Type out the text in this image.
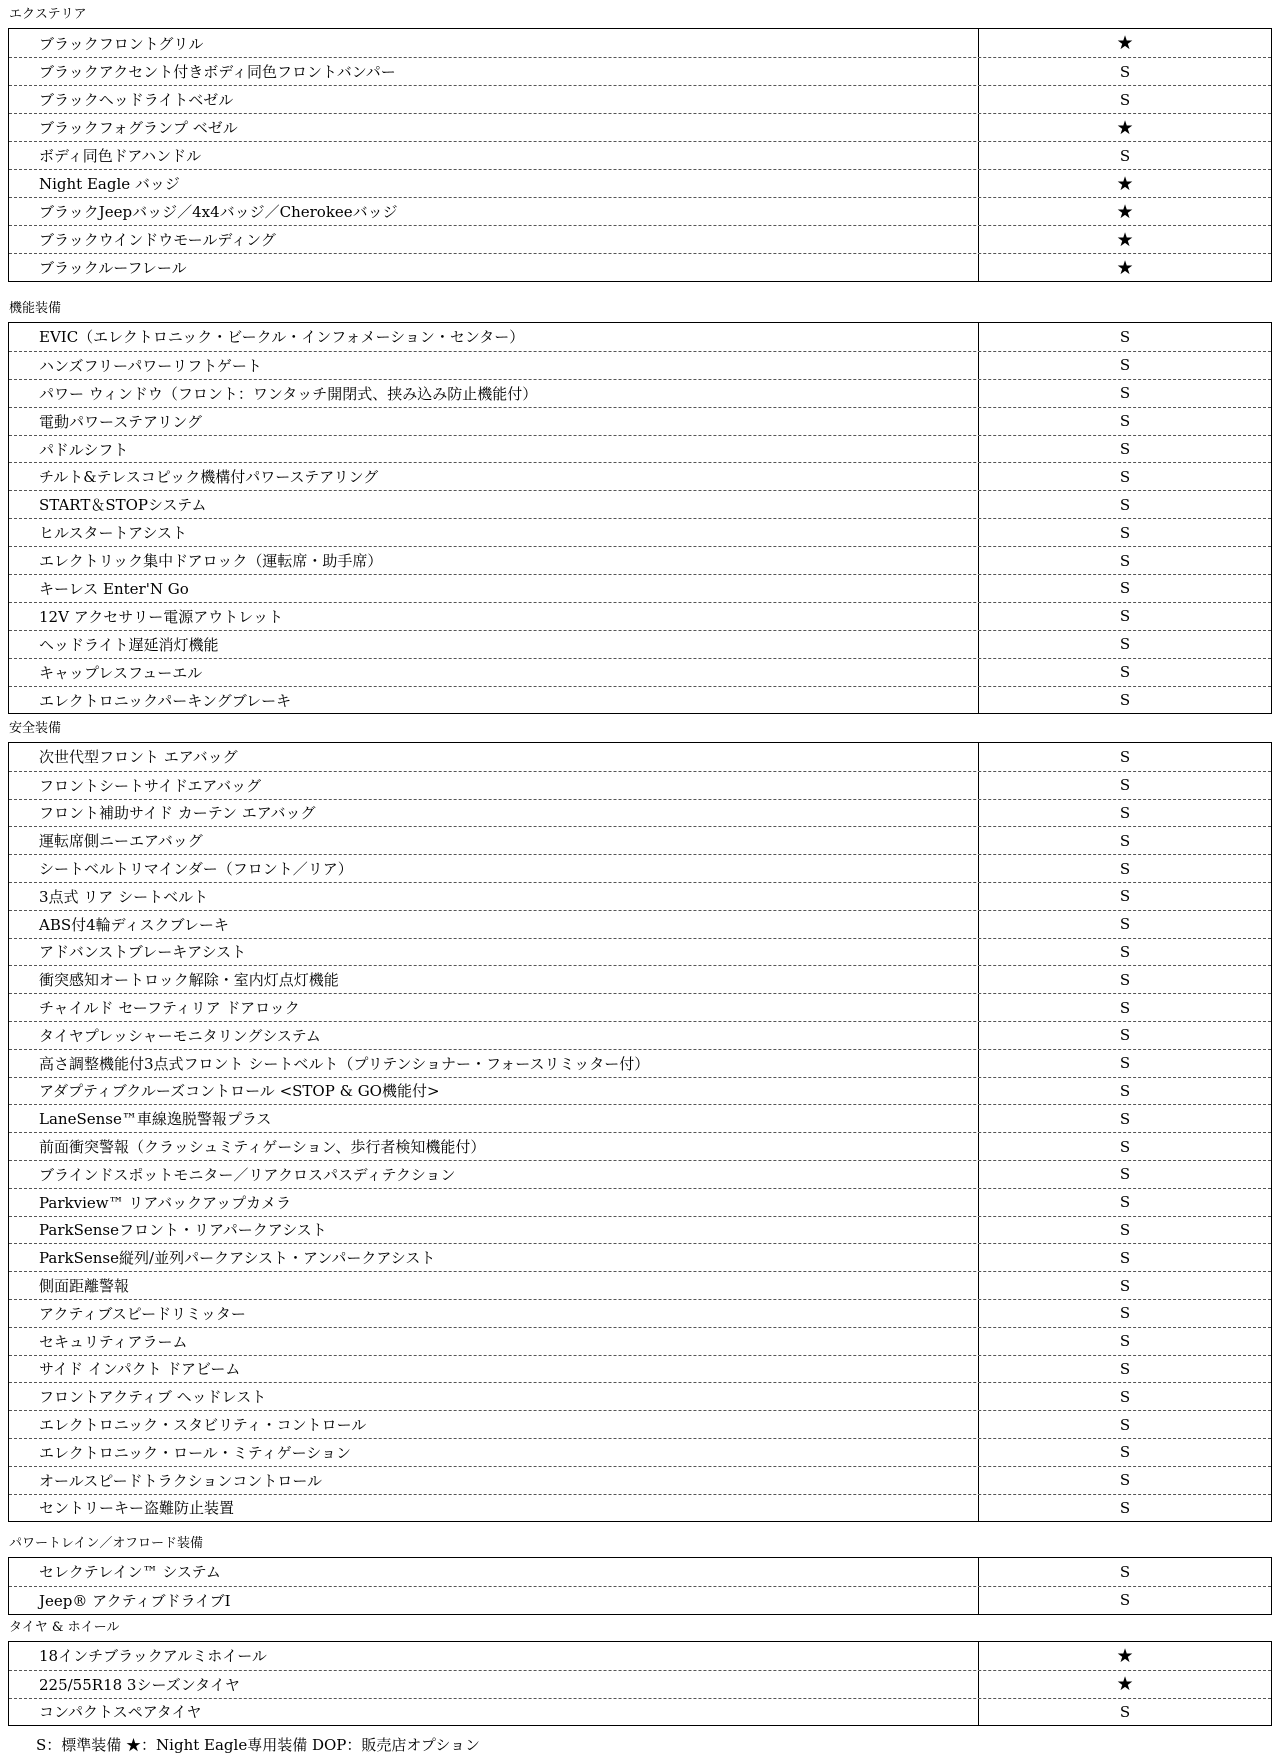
エクステリア
ブラックフロントグリル	★
ブラックアクセント付きボディ同色フロントバンパー	S
ブラックヘッドライトベゼル	S
ブラックフォグランプ ベゼル	★
ボディ同色ドアハンドル	S
Night Eagle バッジ	★
ブラックJeepバッジ／4x4バッジ／Cherokeeバッジ	★
ブラックウインドウモールディング	★
ブラックルーフレール	★
機能装備
EVIC（エレクトロニック・ビークル・インフォメーション・センター）	S
ハンズフリーパワーリフトゲート	S
パワー ウィンドウ（フロント：ワンタッチ開閉式、挟み込み防止機能付）	S
電動パワーステアリング	S
パドルシフト	S
チルト&テレスコピック機構付パワーステアリング	S
START＆STOPシステム	S
ヒルスタートアシスト	S
エレクトリック集中ドアロック（運転席・助手席）	S
キーレス Enter'N Go	S
12V アクセサリー電源アウトレット	S
ヘッドライト遅延消灯機能	S
キャップレスフューエル	S
エレクトロニックパーキングブレーキ	S
安全装備
次世代型フロント エアバッグ	S
フロントシートサイドエアバッグ	S
フロント補助サイド カーテン エアバッグ	S
運転席側ニーエアバッグ	S
シートベルトリマインダー（フロント／リア）	S
3点式 リア シートベルト	S
ABS付4輪ディスクブレーキ	S
アドバンストブレーキアシスト	S
衝突感知オートロック解除・室内灯点灯機能	S
チャイルド セーフティリア ドアロック	S
タイヤプレッシャーモニタリングシステム	S
高さ調整機能付3点式フロント シートベルト（プリテンショナー・フォースリミッター付）	S
アダプティブクルーズコントロール <STOP & GO機能付>	S
LaneSense™車線逸脱警報プラス	S
前面衝突警報（クラッシュミティゲーション、歩行者検知機能付）	S
ブラインドスポットモニター／リアクロスパスディテクション	S
Parkview™ リアバックアップカメラ	S
ParkSenseフロント・リアパークアシスト	S
ParkSense縦列/並列パークアシスト・アンパークアシスト	S
側面距離警報	S
アクティブスピードリミッター	S
セキュリティアラーム	S
サイド インパクト ドアビーム	S
フロントアクティブ ヘッドレスト	S
エレクトロニック・スタビリティ・コントロール	S
エレクトロニック・ロール・ミティゲーション	S
オールスピードトラクションコントロール	S
セントリーキー盗難防止装置	S
パワートレイン／オフロード装備
セレクテレイン™ システム	S
Jeep® アクティブドライブI	S
タイヤ & ホイール
18インチブラックアルミホイール	★
225/55R18 3シーズンタイヤ	★
コンパクトスペアタイヤ	S
S：標準装備 ★：Night Eagle専用装備 DOP：販売店オプション
